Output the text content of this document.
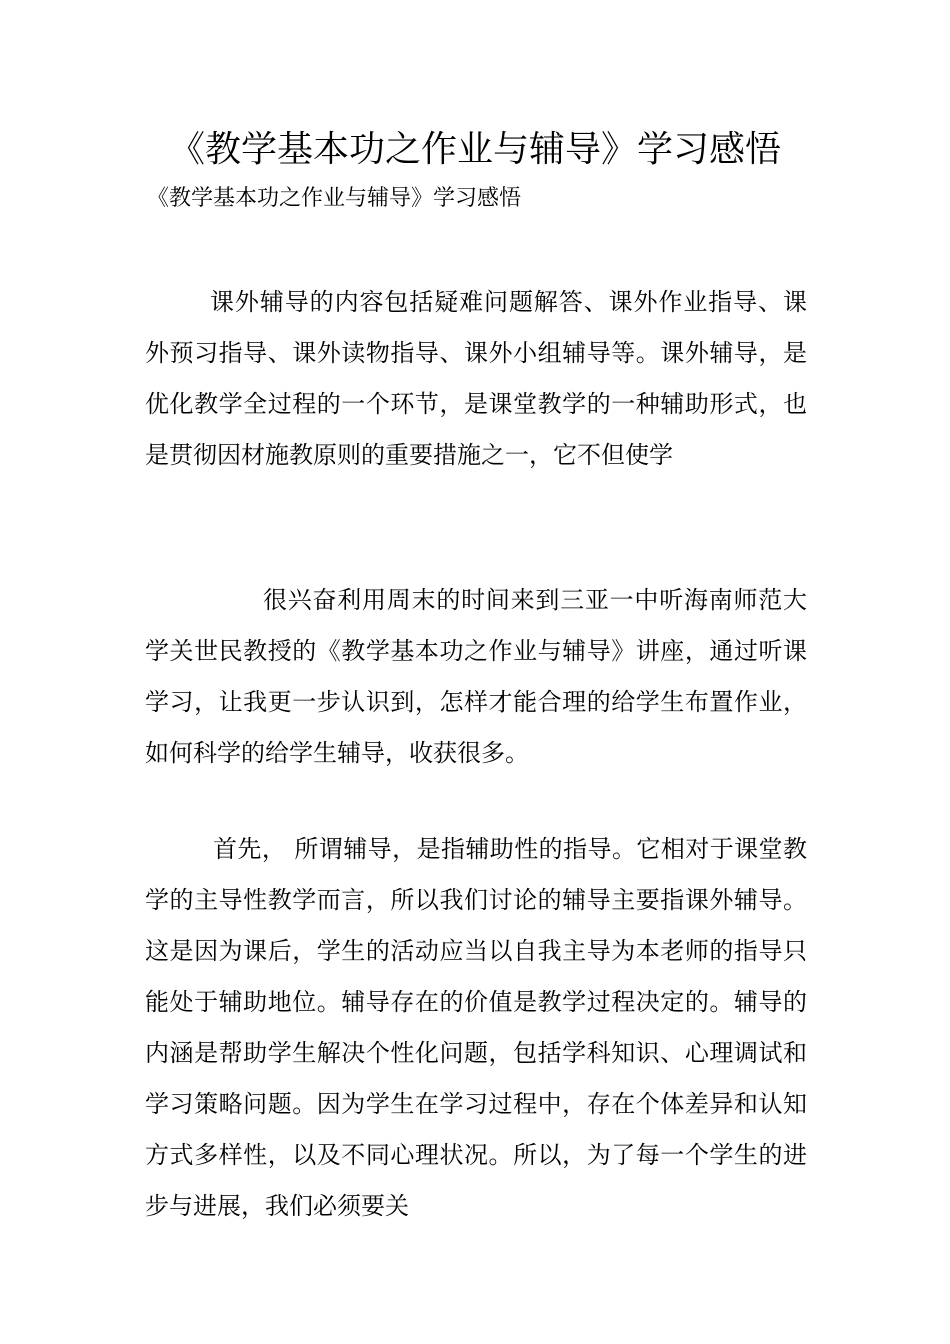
《教学基本功之作业与辅导》学习感悟
《教学基本功之作业与辅导》学习感悟

课外辅导的内容包括疑难问题解答、课外作业指导、课外预习指导、课外读物指导、课外小组辅导等。课外辅导，是优化教学全过程的一个环节，是课堂教学的一种辅助形式，也是贯彻因材施教原则的重要措施之一，它不但使学

很兴奋利用周末的时间来到三亚一中听海南师范大学关世民教授的《教学基本功之作业与辅导》讲座，通过听课学习，让我更一步认识到，怎样才能合理的给学生布置作业，如何科学的给学生辅导，收获很多。

首先， 所谓辅导，是指辅助性的指导。它相对于课堂教学的主导性教学而言，所以我们讨论的辅导主要指课外辅导。这是因为课后，学生的活动应当以自我主导为本老师的指导只能处于辅助地位。辅导存在的价值是教学过程决定的。辅导的内涵是帮助学生解决个性化问题，包括学科知识、心理调试和学习策略问题。因为学生在学习过程中，存在个体差异和认知方式多样性，以及不同心理状况。所以，为了每一个学生的进步与进展，我们必须要关
